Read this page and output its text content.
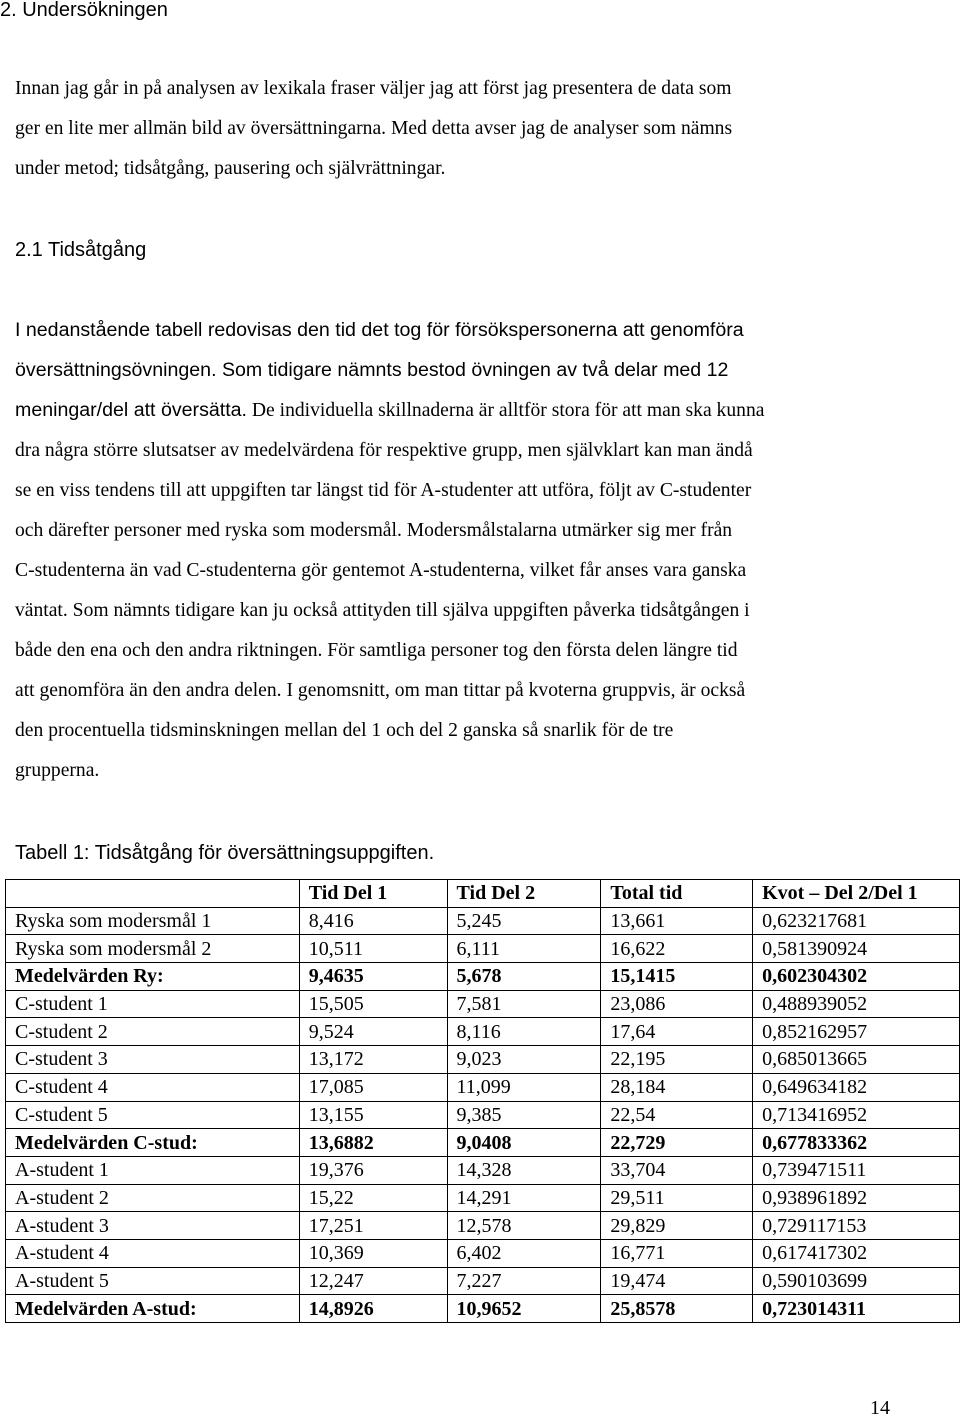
2. Undersökningen
Innan jag går in på analysen av lexikala fraser väljer jag att först jag presentera de data som
ger en lite mer allmän bild av översättningarna. Med detta avser jag de analyser som nämns
under metod; tidsåtgång, pausering och självrättningar.
2.1 Tidsåtgång
I nedanstående tabell redovisas den tid det tog för försökspersonerna att genomföra
översättningsövningen. Som tidigare nämnts bestod övningen av två delar med 12
meningar/del att översätta. De individuella skillnaderna är alltför stora för att man ska kunna
dra några större slutsatser av medelvärdena för respektive grupp, men självklart kan man ändå
se en viss tendens till att uppgiften tar längst tid för A-studenter att utföra, följt av C-studenter
och därefter personer med ryska som modersmål. Modersmålstalarna utmärker sig mer från
C-studenterna än vad C-studenterna gör gentemot A-studenterna, vilket får anses vara ganska
väntat. Som nämnts tidigare kan ju också attityden till själva uppgiften påverka tidsåtgången i
både den ena och den andra riktningen. För samtliga personer tog den första delen längre tid
att genomföra än den andra delen. I genomsnitt, om man tittar på kvoterna gruppvis, är också
den procentuella tidsminskningen mellan del 1 och del 2 ganska så snarlik för de tre
grupperna.
Tabell 1: Tidsåtgång för översättningsuppgiften.
	Tid Del 1	Tid Del 2	Total tid	Kvot – Del 2/Del 1
Ryska som modersmål 1	8,416	5,245	13,661	0,623217681
Ryska som modersmål 2	10,511	6,111	16,622	0,581390924
Medelvärden Ry:	9,4635	5,678	15,1415	0,602304302
C-student 1	15,505	7,581	23,086	0,488939052
C-student 2	9,524	8,116	17,64	0,852162957
C-student 3	13,172	9,023	22,195	0,685013665
C-student 4	17,085	11,099	28,184	0,649634182
C-student 5	13,155	9,385	22,54	0,713416952
Medelvärden C-stud:	13,6882	9,0408	22,729	0,677833362
A-student 1	19,376	14,328	33,704	0,739471511
A-student 2	15,22	14,291	29,511	0,938961892
A-student 3	17,251	12,578	29,829	0,729117153
A-student 4	10,369	6,402	16,771	0,617417302
A-student 5	12,247	7,227	19,474	0,590103699
Medelvärden A-stud:	14,8926	10,9652	25,8578	0,723014311
14
